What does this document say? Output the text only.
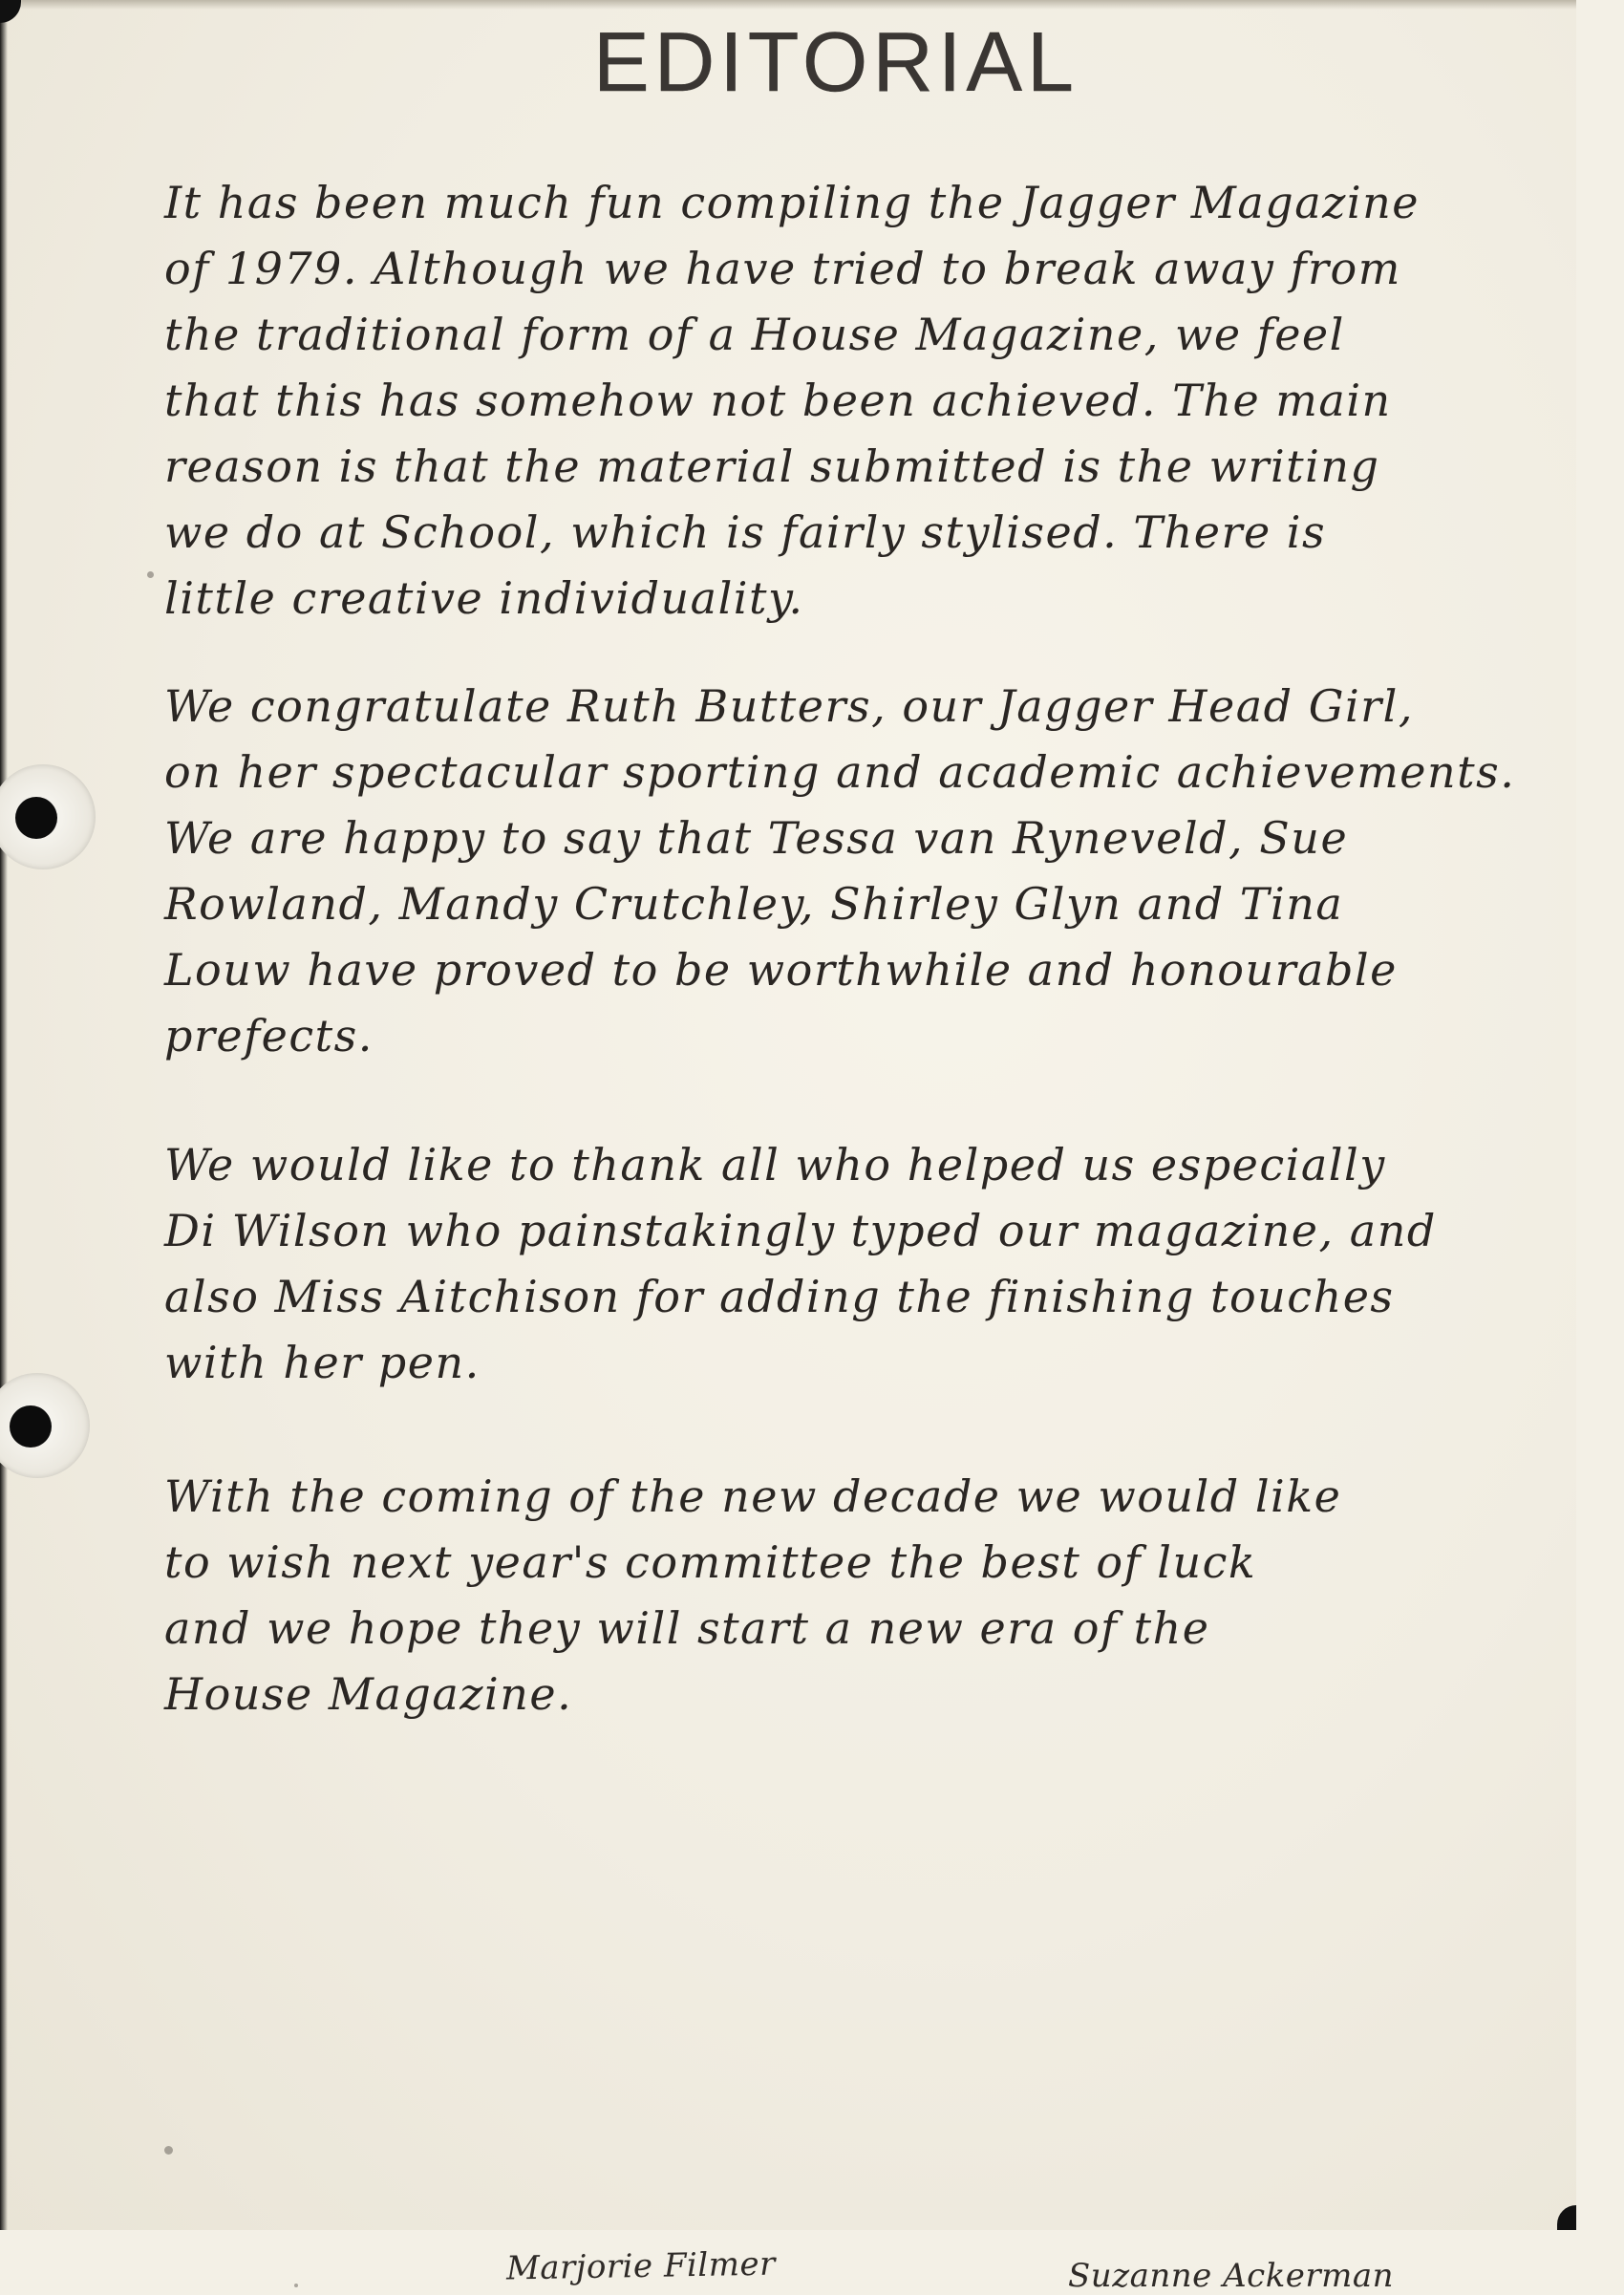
EDITORIAL

It has been much fun compiling the Jagger Magazine
of 1979. Although we have tried to break away from
the traditional form of a House Magazine, we feel
that this has somehow not been achieved. The main
reason is that the material submitted is the writing
we do at School, which is fairly stylised. There is
little creative individuality.

We congratulate Ruth Butters, our Jagger Head Girl,
on her spectacular sporting and academic achievements.
We are happy to say that Tessa van Ryneveld, Sue
Rowland, Mandy Crutchley, Shirley Glyn and Tina
Louw have proved to be worthwhile and honourable
prefects.

We would like to thank all who helped us especially
Di Wilson who painstakingly typed our magazine, and
also Miss Aitchison for adding the finishing touches
with her pen.

With the coming of the new decade we would like
to wish next year's committee the best of luck
and we hope they will start a new era of the
House Magazine.

Marjorie Filmer	Suzanne Ackerman
